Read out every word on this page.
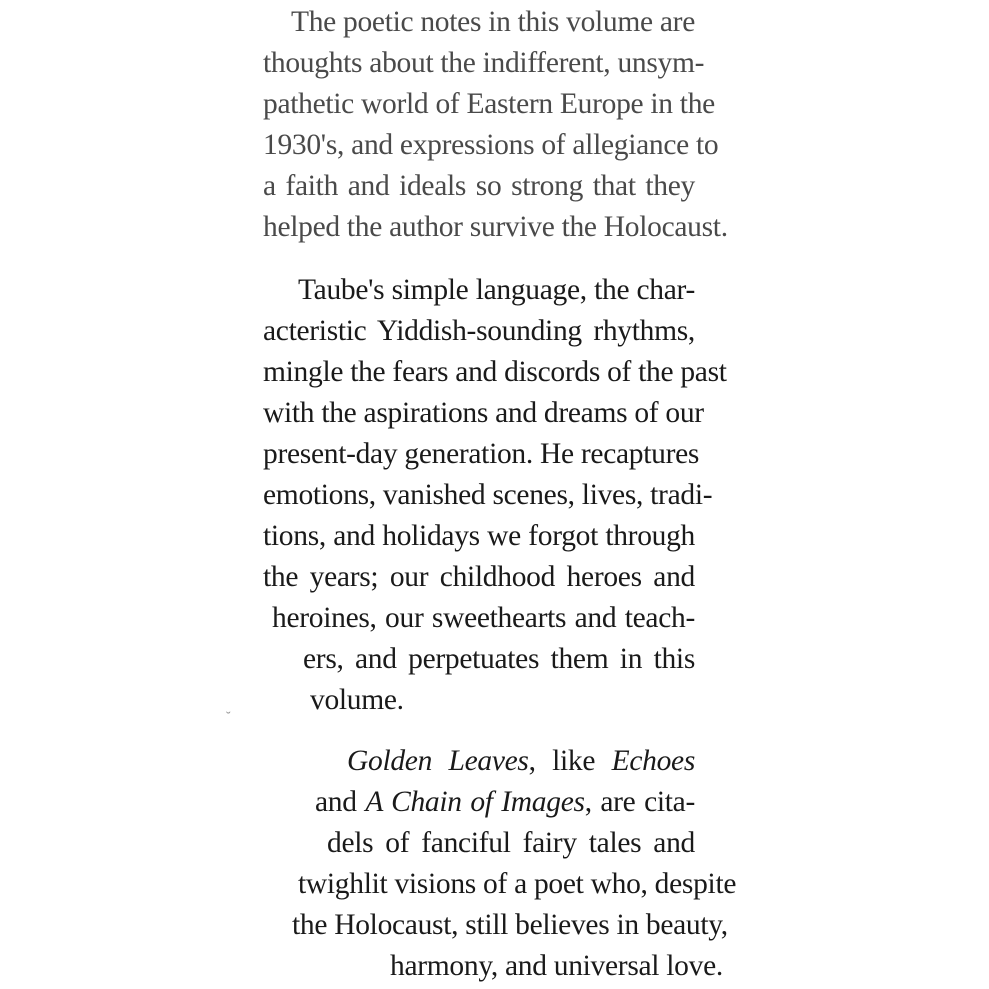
The poetic notes in this volume are
thoughts about the indifferent, unsym-
pathetic world of Eastern Europe in the
1930's, and expressions of allegiance to
a faith and ideals so strong that they
helped the author survive the Holocaust.
Taube's simple language, the char-
acteristic Yiddish-sounding rhythms,
mingle the fears and discords of the past
with the aspirations and dreams of our
present-day generation. He recaptures
emotions, vanished scenes, lives, tradi-
tions, and holidays we forgot through
the years; our childhood heroes and
heroines, our sweethearts and teach-
ers, and perpetuates them in this
volume.
˘
Golden Leaves, like Echoes
and A Chain of Images, are cita-
dels of fanciful fairy tales and
twighlit visions of a poet who, despite
the Holocaust, still believes in beauty,
harmony, and universal love.
